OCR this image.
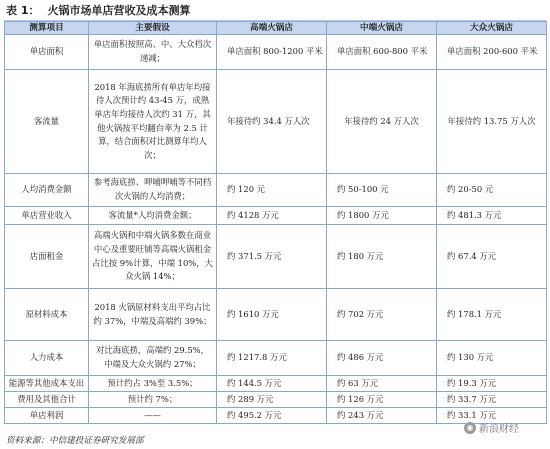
表 1： 火锅市场单店营收及成本测算
测算项目	主要假设	高端火锅店	中端火锅店	大众火锅店
单店面积	单店面积按照高、中、大众档次递减；	单店面积 800-1200 平米	单店面积 600-800 平米	单店面积 200-600 平米
客流量	2018 年海底捞所有单店年均接待人次预计约 43-45 万，成熟单店年均接待人次约 31 万，其他火锅按平均翻台率为 2.5 计算，结合面积对比测算年均人次；	年接待约 34.4 万人次	年接待约 24 万人次	年接待约 13.75 万人次
人均消费金额	参考海底捞、呷哺呷哺等不同档次火锅的人均消费；	约 120 元	约 50-100 元	约 20-50 元
单店营业收入	客流量*人均消费金额；	约 4128 万元	约 1800 万元	约 481.3 万元
店面租金	高端火锅和中端火锅多数在商业中心及重要旺铺等高端火锅租金占比按 9%计算，中端 10%，大众火锅 14%；	约 371.5 万元	约 180 万元	约 67.4 万元
原材料成本	2018 火锅原材料支出平均占比约 37%，中端及高端约 39%；	约 1610 万元	约 702 万元	约 178.1 万元
人力成本	对比海底捞，高端约 29.5%，中端及大众火锅约 27%；	约 1217.8 万元	约 486 万元	约 130 万元
能源等其他成本支出	预计约占 3%至 3.5%；	约 144.5 万元	约 63 万元	约 19.3 万元
费用及其他合计	预计约 7%；	约 289 万元	约 126 万元	约 33.7 万元
单店利润	——	约 495.2 万元	约 243 万元	约 33.1 万元
资料来源：中信建投证券研究发展部
◉ 新浪财经
